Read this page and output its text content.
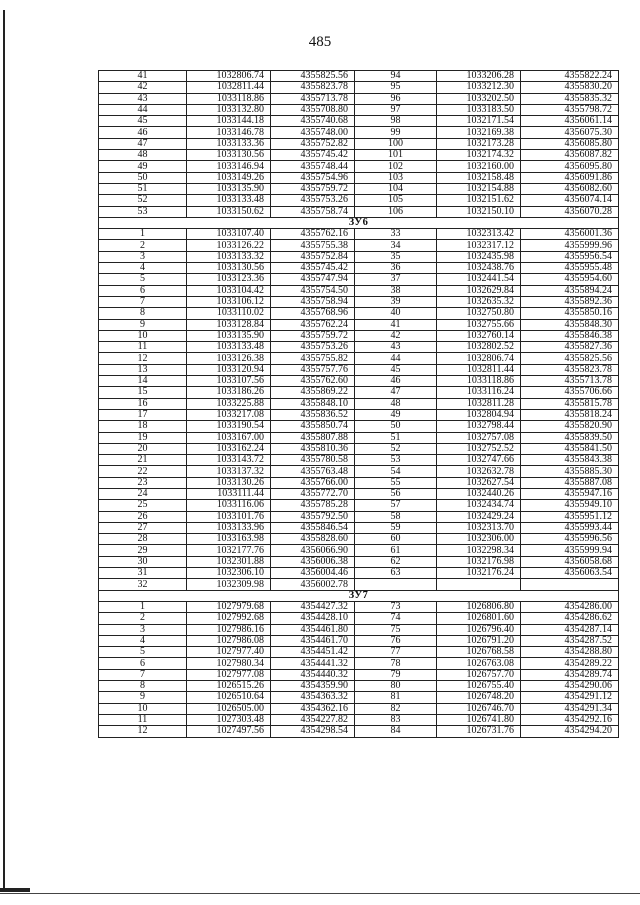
485
41	1032806.74	4355825.56	94	1033206.28	4355822.24
42	1032811.44	4355823.78	95	1033212.30	4355830.20
43	1033118.86	4355713.78	96	1033202.50	4355835.32
44	1033132.80	4355708.80	97	1033183.50	4355798.72
45	1033144.18	4355740.68	98	1032171.54	4356061.14
46	1033146.78	4355748.00	99	1032169.38	4356075.30
47	1033133.36	4355752.82	100	1032173.28	4356085.80
48	1033130.56	4355745.42	101	1032174.32	4356087.82
49	1033146.94	4355748.44	102	1032160.00	4356095.80
50	1033149.26	4355754.96	103	1032158.48	4356091.86
51	1033135.90	4355759.72	104	1032154.88	4356082.60
52	1033133.48	4355753.26	105	1032151.62	4356074.14
53	1033150.62	4355758.74	106	1032150.10	4356070.28
ЗУ6					
1	1033107.40	4355762.16	33	1032313.42	4356001.36
2	1033126.22	4355755.38	34	1032317.12	4355999.96
3	1033133.32	4355752.84	35	1032435.98	4355956.54
4	1033130.56	4355745.42	36	1032438.76	4355955.48
5	1033123.36	4355747.94	37	1032441.54	4355954.60
6	1033104.42	4355754.50	38	1032629.84	4355894.24
7	1033106.12	4355758.94	39	1032635.32	4355892.36
8	1033110.02	4355768.96	40	1032750.80	4355850.16
9	1033128.84	4355762.24	41	1032755.66	4355848.30
10	1033135.90	4355759.72	42	1032760.14	4355846.38
11	1033133.48	4355753.26	43	1032802.52	4355827.36
12	1033126.38	4355755.82	44	1032806.74	4355825.56
13	1033120.94	4355757.76	45	1032811.44	4355823.78
14	1033107.56	4355762.60	46	1033118.86	4355713.78
15	1033186.26	4355869.22	47	1033116.24	4355706.66
16	1033225.88	4355848.10	48	1032811.28	4355815.78
17	1033217.08	4355836.52	49	1032804.94	4355818.24
18	1033190.54	4355850.74	50	1032798.44	4355820.90
19	1033167.00	4355807.88	51	1032757.08	4355839.50
20	1033162.24	4355810.36	52	1032752.52	4355841.50
21	1033143.72	4355780.58	53	1032747.66	4355843.38
22	1033137.32	4355763.48	54	1032632.78	4355885.30
23	1033130.26	4355766.00	55	1032627.54	4355887.08
24	1033111.44	4355772.70	56	1032440.26	4355947.16
25	1033116.06	4355785.28	57	1032434.74	4355949.10
26	1033101.76	4355792.50	58	1032429.24	4355951.12
27	1033133.96	4355846.54	59	1032313.70	4355993.44
28	1033163.98	4355828.60	60	1032306.00	4355996.56
29	1032177.76	4356066.90	61	1032298.34	4355999.94
30	1032301.88	4356006.38	62	1032176.98	4356058.68
31	1032306.10	4356004.46	63	1032176.24	4356063.54
32	1032309.98	4356002.78			
ЗУ7					
1	1027979.68	4354427.32	73	1026806.80	4354286.00
2	1027992.68	4354428.10	74	1026801.60	4354286.62
3	1027986.16	4354461.80	75	1026796.40	4354287.14
4	1027986.08	4354461.70	76	1026791.20	4354287.52
5	1027977.40	4354451.42	77	1026768.58	4354288.80
6	1027980.34	4354441.32	78	1026763.08	4354289.22
7	1027977.08	4354440.32	79	1026757.70	4354289.74
8	1026515.26	4354359.90	80	1026755.40	4354290.06
9	1026510.64	4354363.32	81	1026748.20	4354291.12
10	1026505.00	4354362.16	82	1026746.70	4354291.34
11	1027303.48	4354227.82	83	1026741.80	4354292.16
12	1027497.56	4354298.54	84	1026731.76	4354294.20
